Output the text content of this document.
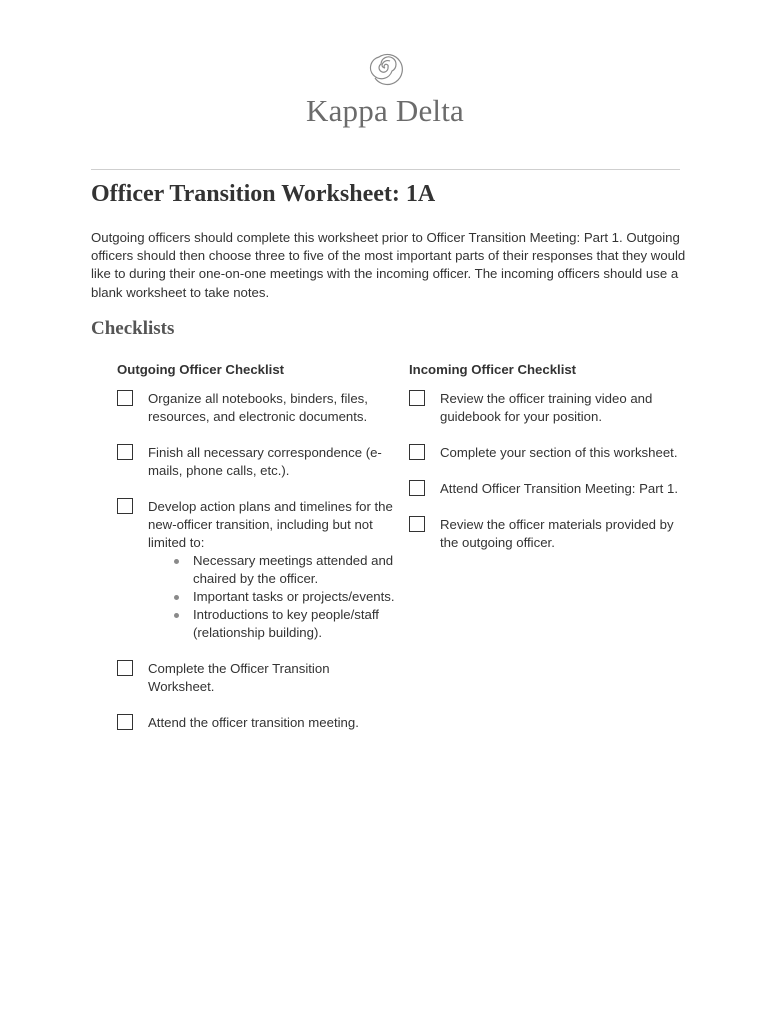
Kappa Delta
Officer Transition Worksheet: 1A

Outgoing officers should complete this worksheet prior to Officer Transition Meeting: Part 1. Outgoing officers should then choose three to five of the most important parts of their responses that they would like to during their one-on-one meetings with the incoming officer. The incoming officers should use a blank worksheet to take notes.

Checklists
Outgoing Officer Checklist
Organize all notebooks, binders, files, resources, and electronic documents.
Finish all necessary correspondence (e-mails, phone calls, etc.).
Develop action plans and timelines for the new-officer transition, including but not limited to:
Necessary meetings attended and chaired by the officer.
Important tasks or projects/events.
Introductions to key people/staff (relationship building).
Complete the Officer Transition Worksheet.
Attend the officer transition meeting.
Incoming Officer Checklist
Review the officer training video and guidebook for your position.
Complete your section of this worksheet.
Attend Officer Transition Meeting: Part 1.
Review the officer materials provided by the outgoing officer.
